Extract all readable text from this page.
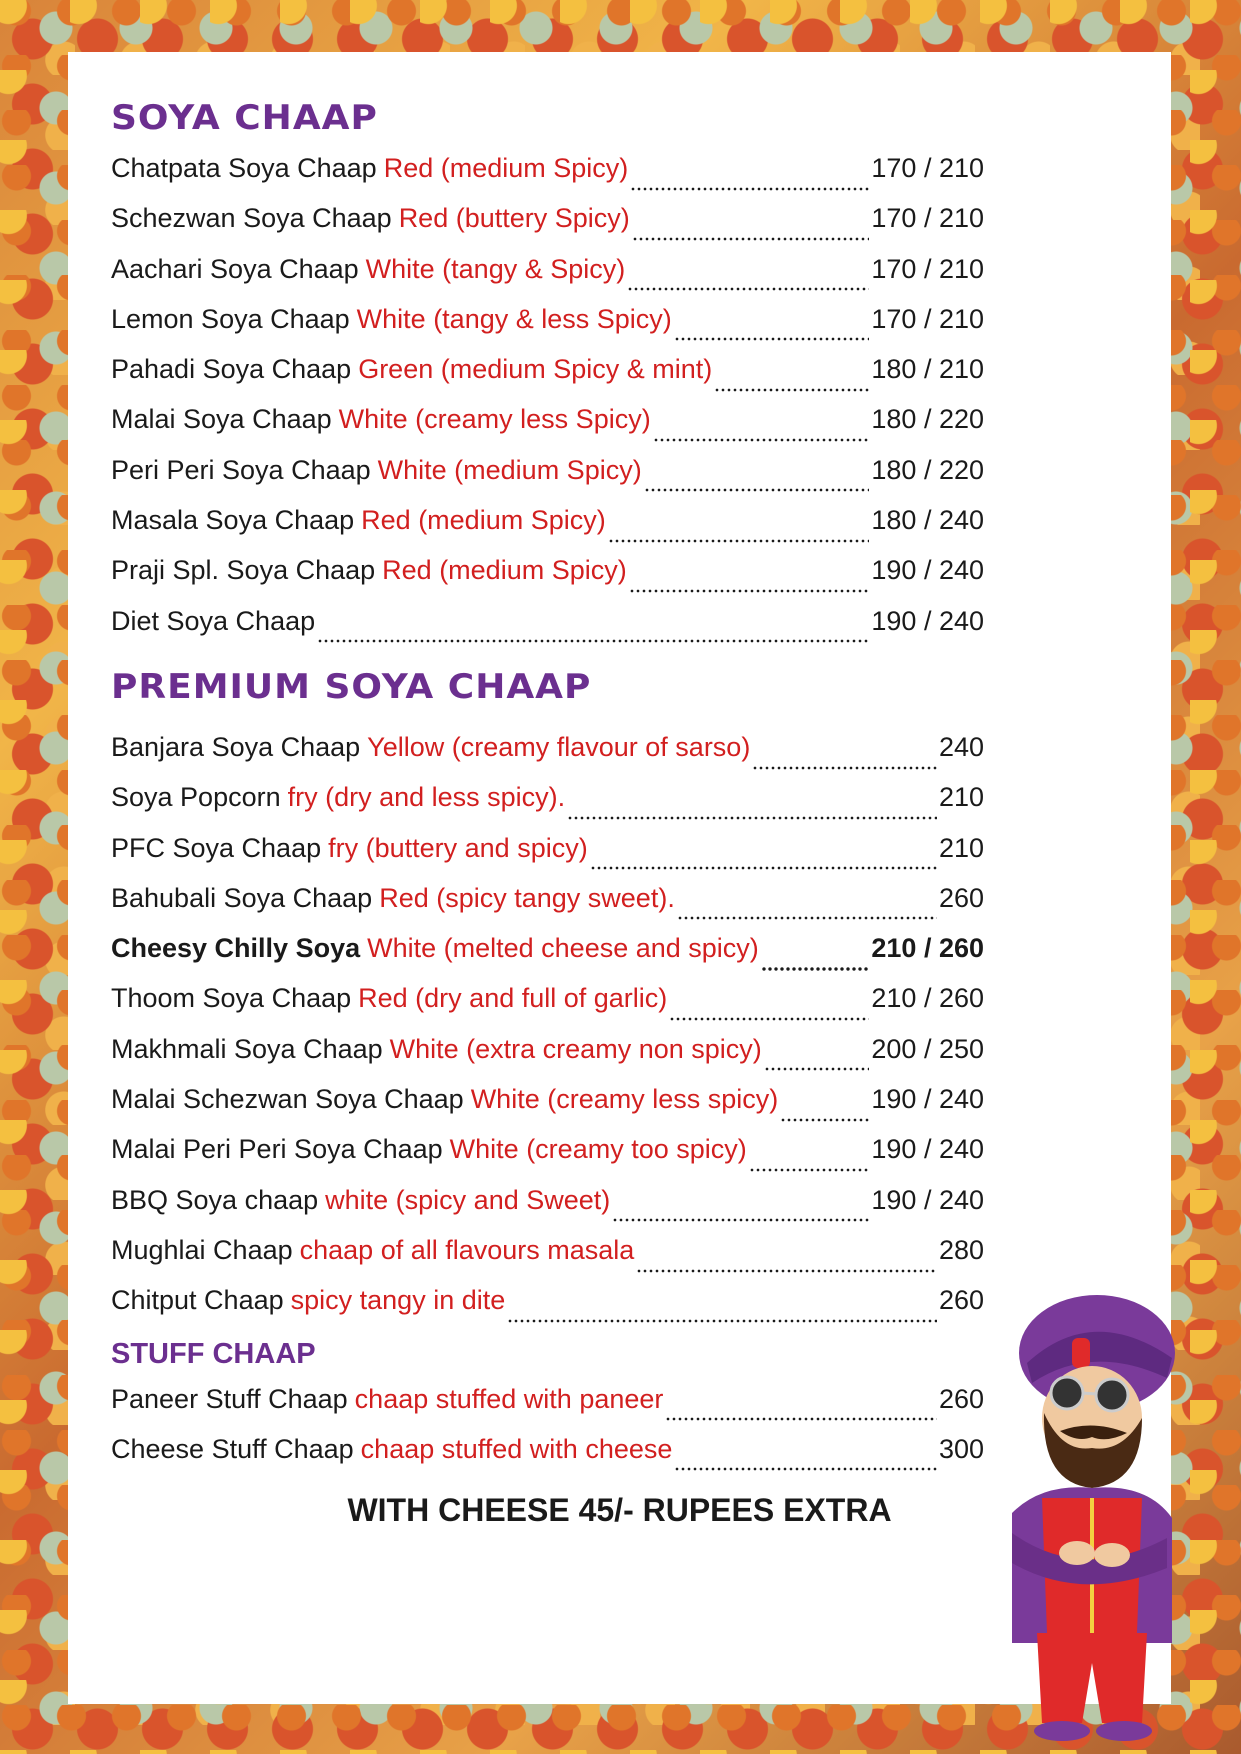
SOYA CHAAP
Chatpata Soya Chaap Red (medium Spicy)	170 / 210
Schezwan Soya Chaap Red (buttery Spicy)	170 / 210
Aachari Soya Chaap White (tangy & Spicy)	170 / 210
Lemon Soya Chaap White (tangy & less Spicy)	170 / 210
Pahadi Soya Chaap Green (medium Spicy & mint)	180 / 210
Malai Soya Chaap White (creamy less Spicy)	180 / 220
Peri Peri Soya Chaap White (medium Spicy)	180 / 220
Masala Soya Chaap Red (medium Spicy)	180 / 240
Praji Spl. Soya Chaap Red (medium Spicy)	190 / 240
Diet Soya Chaap	190 / 240
PREMIUM SOYA CHAAP
Banjara Soya Chaap Yellow (creamy flavour of sarso)	240
Soya Popcorn fry (dry and less spicy).	210
PFC Soya Chaap fry (buttery and spicy)	210
Bahubali Soya Chaap Red (spicy tangy sweet).	260
Cheesy Chilly Soya White (melted cheese and spicy)	210 / 260
Thoom Soya Chaap Red (dry and full of garlic)	210 / 260
Makhmali Soya Chaap White (extra creamy non spicy)	200 / 250
Malai Schezwan Soya Chaap White (creamy less spicy)	190 / 240
Malai Peri Peri Soya Chaap White (creamy too spicy)	190 / 240
BBQ Soya chaap white (spicy and Sweet)	190 / 240
Mughlai Chaap chaap of all flavours masala	280
Chitput Chaap spicy tangy in dite	260
STUFF CHAAP
Paneer Stuff Chaap chaap stuffed with paneer	260
Cheese Stuff Chaap chaap stuffed with cheese	300

WITH CHEESE 45/- RUPEES EXTRA
